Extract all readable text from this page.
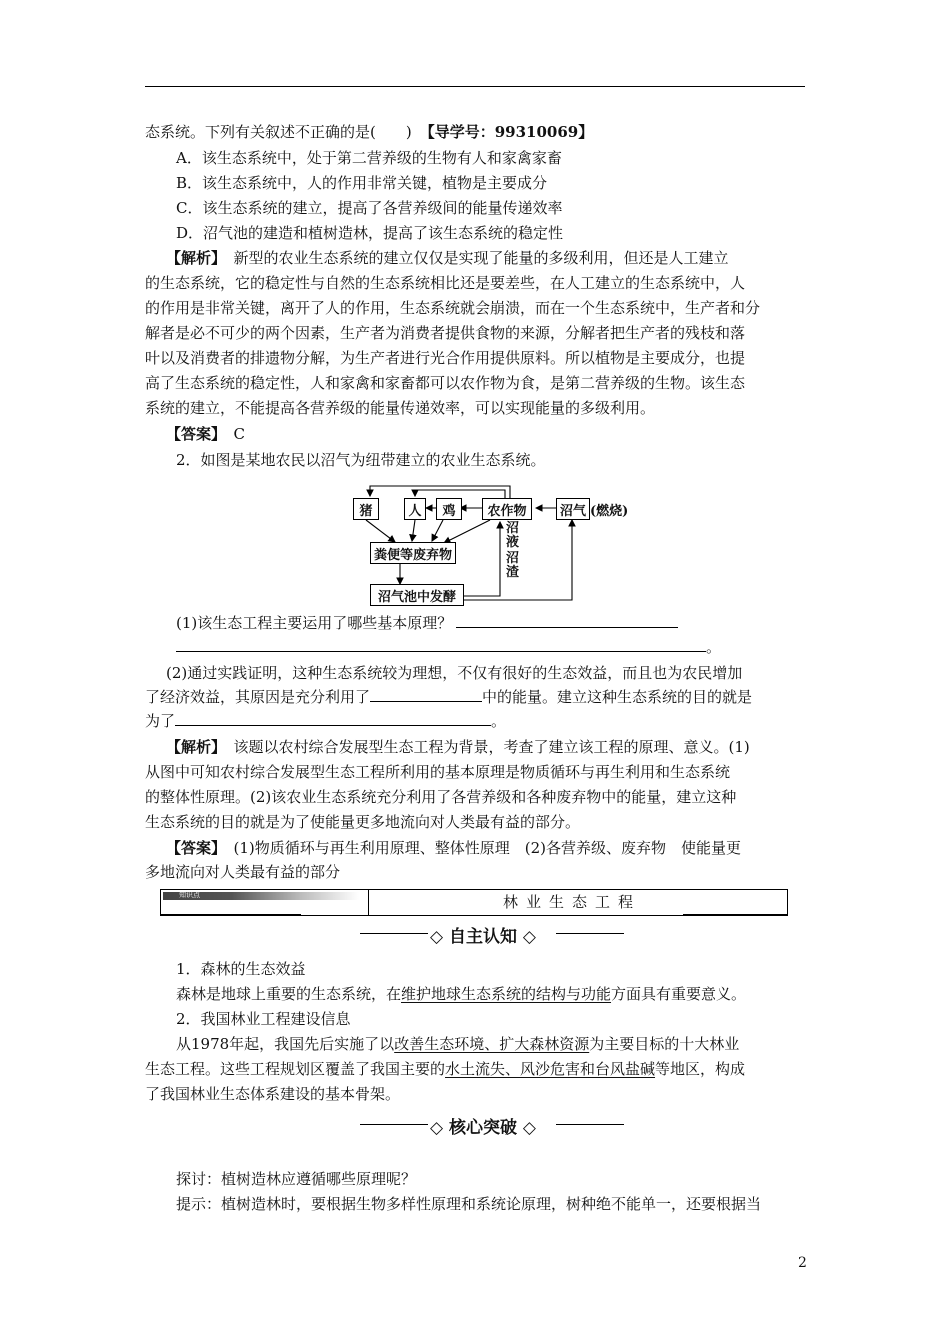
态系统。下列有关叙述不正确的是(　　) 【导学号：99310069】
A．该生态系统中，处于第二营养级的生物有人和家禽家畜
B．该生态系统中，人的作用非常关键，植物是主要成分
C．该生态系统的建立，提高了各营养级间的能量传递效率
D．沼气池的建造和植树造林，提高了该生态系统的稳定性
【解析】　新型的农业生态系统的建立仅仅是实现了能量的多级利用，但还是人工建立
的生态系统，它的稳定性与自然的生态系统相比还是要差些，在人工建立的生态系统中，人
的作用是非常关键，离开了人的作用，生态系统就会崩溃，而在一个生态系统中，生产者和分
解者是必不可少的两个因素，生产者为消费者提供食物的来源，分解者把生产者的残枝和落
叶以及消费者的排遗物分解，为生产者进行光合作用提供原料。所以植物是主要成分，也提
高了生态系统的稳定性，人和家禽和家畜都可以农作物为食，是第二营养级的生物。该生态
系统的建立，不能提高各营养级的能量传递效率，可以实现能量的多级利用。
【答案】　C
2．如图是某地农民以沼气为纽带建立的农业生态系统。
猪	人	鸡	农作物	沼气 (燃烧)
粪便等废弃物
沼气池中发酵
沼
液
沼
渣
(1)该生态工程主要运用了哪些基本原理？
。
(2)通过实践证明，这种生态系统较为理想，不仅有很好的生态效益，而且也为农民增加
了经济效益，其原因是充分利用了	中的能量。建立这种生态系统的目的就是
为了	。
【解析】　该题以农村综合发展型生态工程为背景，考查了建立该工程的原理、意义。(1)
从图中可知农村综合发展型生态工程所利用的基本原理是物质循环与再生利用和生态系统
的整体性原理。(2)该农业生态系统充分利用了各营养级和各种废弃物中的能量，建立这种
生态系统的目的就是为了使能量更多地流向对人类最有益的部分。
【答案】　(1)物质循环与再生利用原理、整体性原理　(2)各营养级、废弃物　使能量更
多地流向对人类最有益的部分
知识点	林业生态工程
◇ 自主认知 ◇
1．森林的生态效益
森林是地球上重要的生态系统，在维护地球生态系统的结构与功能方面具有重要意义。
2．我国林业工程建设信息
从1978年起，我国先后实施了以改善生态环境、扩大森林资源为主要目标的十大林业
生态工程。这些工程规划区覆盖了我国主要的水土流失、风沙危害和台风盐碱等地区，构成
了我国林业生态体系建设的基本骨架。
◇ 核心突破 ◇
探讨：植树造林应遵循哪些原理呢？
提示：植树造林时，要根据生物多样性原理和系统论原理，树种绝不能单一，还要根据当
2
